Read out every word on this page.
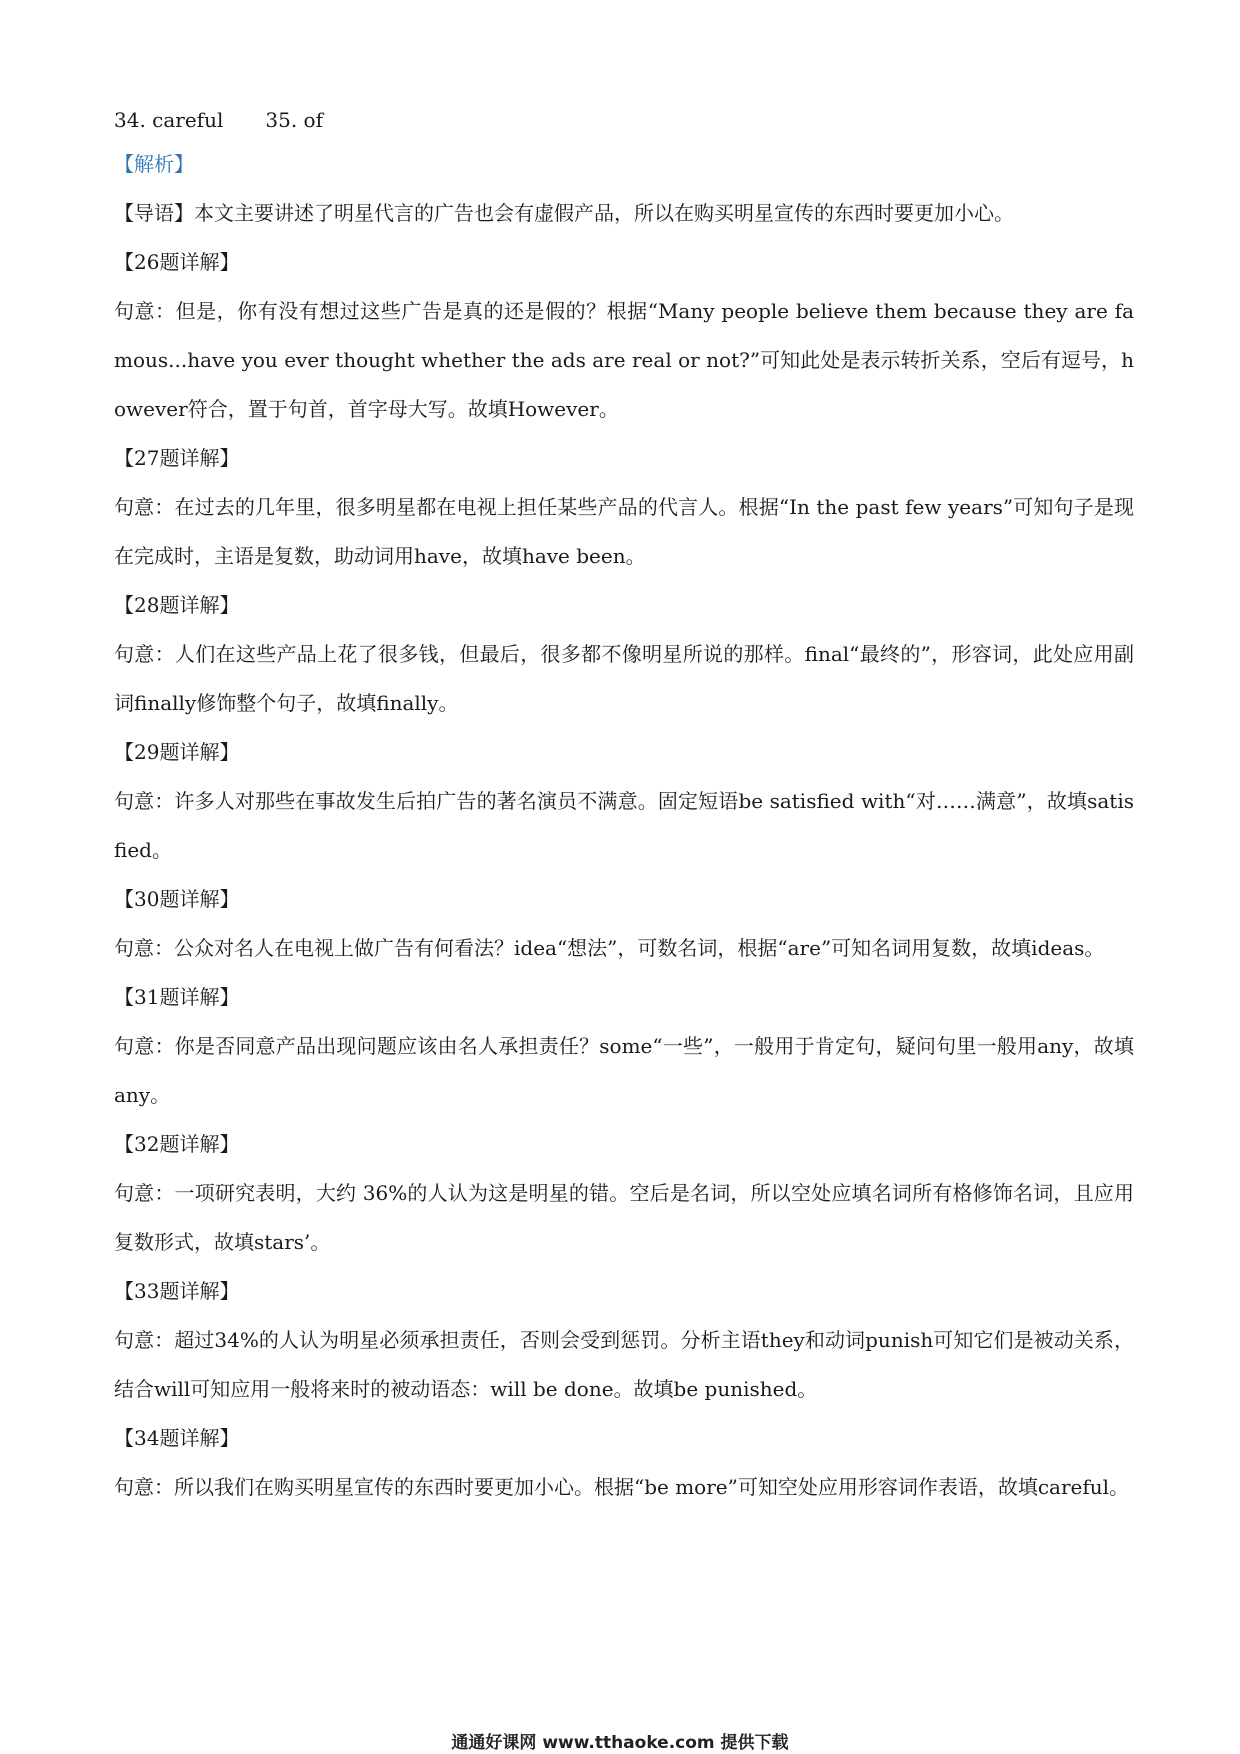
34. careful 35. of
【解析】

【导语】本文主要讲述了明星代言的广告也会有虚假产品，所以在购买明星宣传的东西时要更加小心。

【26题详解】

句意：但是，你有没有想过这些广告是真的还是假的？根据“Many people believe them because they are famous...have you ever thought whether the ads are real or not?”可知此处是表示转折关系，空后有逗号，however符合，置于句首，首字母大写。故填However。

【27题详解】

句意：在过去的几年里，很多明星都在电视上担任某些产品的代言人。根据“In the past few years”可知句子是现在完成时，主语是复数，助动词用have，故填have been。

【28题详解】

句意：人们在这些产品上花了很多钱，但最后，很多都不像明星所说的那样。final“最终的”，形容词，此处应用副词finally修饰整个句子，故填finally。

【29题详解】

句意：许多人对那些在事故发生后拍广告的著名演员不满意。固定短语be satisfied with“对……满意”，故填satisfied。

【30题详解】

句意：公众对名人在电视上做广告有何看法？idea“想法”，可数名词，根据“are”可知名词用复数，故填ideas。

【31题详解】

句意：你是否同意产品出现问题应该由名人承担责任？some“一些”，一般用于肯定句，疑问句里一般用any，故填any。

【32题详解】

句意：一项研究表明，大约 36%的人认为这是明星的错。空后是名词，所以空处应填名词所有格修饰名词，且应用复数形式，故填stars’。

【33题详解】

句意：超过34%的人认为明星必须承担责任，否则会受到惩罚。分析主语they和动词punish可知它们是被动关系，结合will可知应用一般将来时的被动语态：will be done。故填be punished。

【34题详解】

句意：所以我们在购买明星宣传的东西时要更加小心。根据“be more”可知空处应用形容词作表语，故填careful。

通通好课网 www.tthaoke.com 提供下载
